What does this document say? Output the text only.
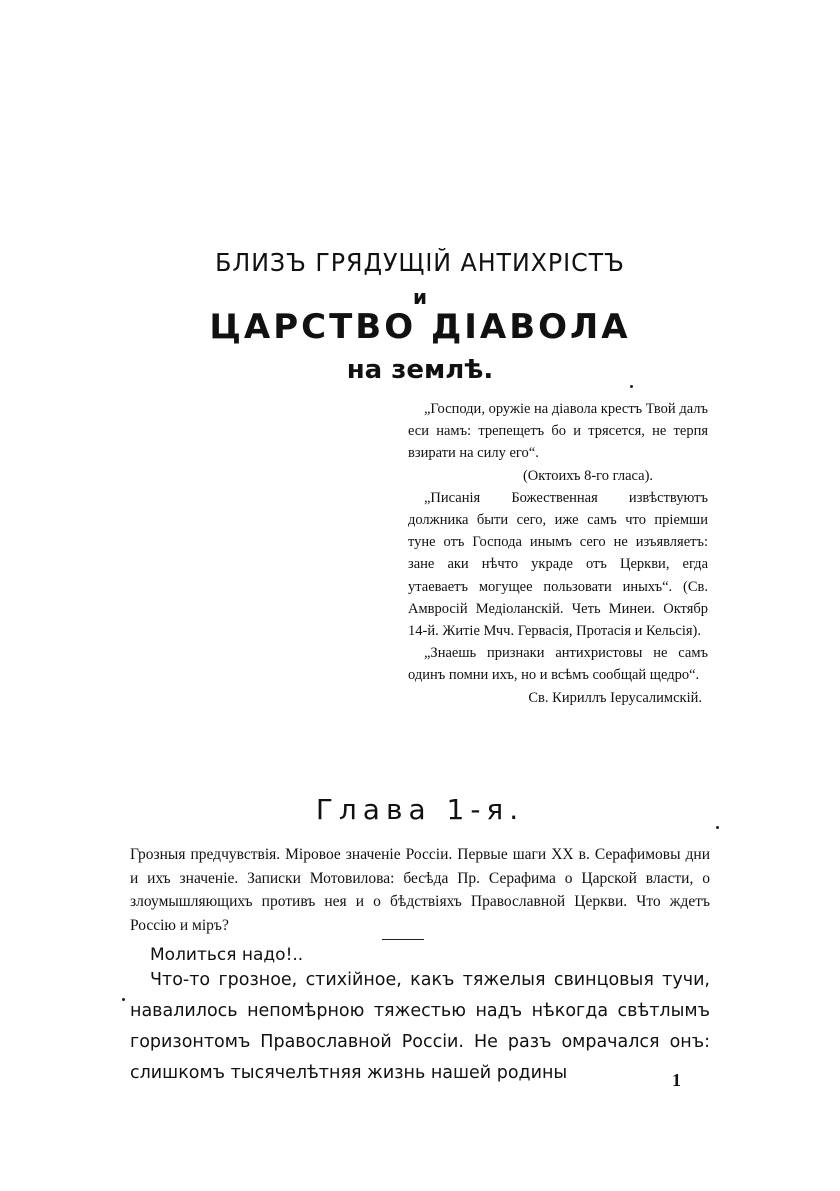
БЛИЗЪ ГРЯДУЩІЙ АНТИХРІСТЪ
и
ЦАРСТВО ДІАВОЛА
на землѣ.

„Господи, оружіе на діавола крестъ Твой далъ еси намъ: трепещетъ бо и трясется, не терпя взирати на силу его“.

(Октоихъ 8-го гласа).

„Писанія Божественная извѣствуютъ должника быти сего, иже самъ что пріемши туне отъ Господа инымъ сего не изъявляетъ: зане аки нѣчто украде отъ Церкви, егда утаеваетъ могущее пользовати иныхъ“. (Св. Амвросій Медіоланскій. Четь Минеи. Октябр 14-й. Житіе Мчч. Гервасія, Протасія и Кельсія).

„Знаешь признаки антихристовы не самъ одинъ помни ихъ, но и всѣмъ сообщай щедро“.

Св. Кириллъ Іерусалимскій.

Глава 1-я.

Грозныя предчувствія. Міровое значеніе Россіи. Первые шаги XX в. Серафимовы дни и ихъ значеніе. Записки Мотовилова: бесѣда Пр. Серафима о Царской власти, о злоумышляющихъ противъ нея и о бѣдствіяхъ Православной Церкви. Что ждетъ Россію и міръ?

Молиться надо!..

Что-то грозное, стихійное, какъ тяжелыя свинцовыя тучи, навалилось непомѣрною тяжестью надъ нѣкогда свѣтлымъ горизонтомъ Православной Россіи. Не разъ омрачался онъ: слишкомъ тысячелѣтняя жизнь нашей родины	1
